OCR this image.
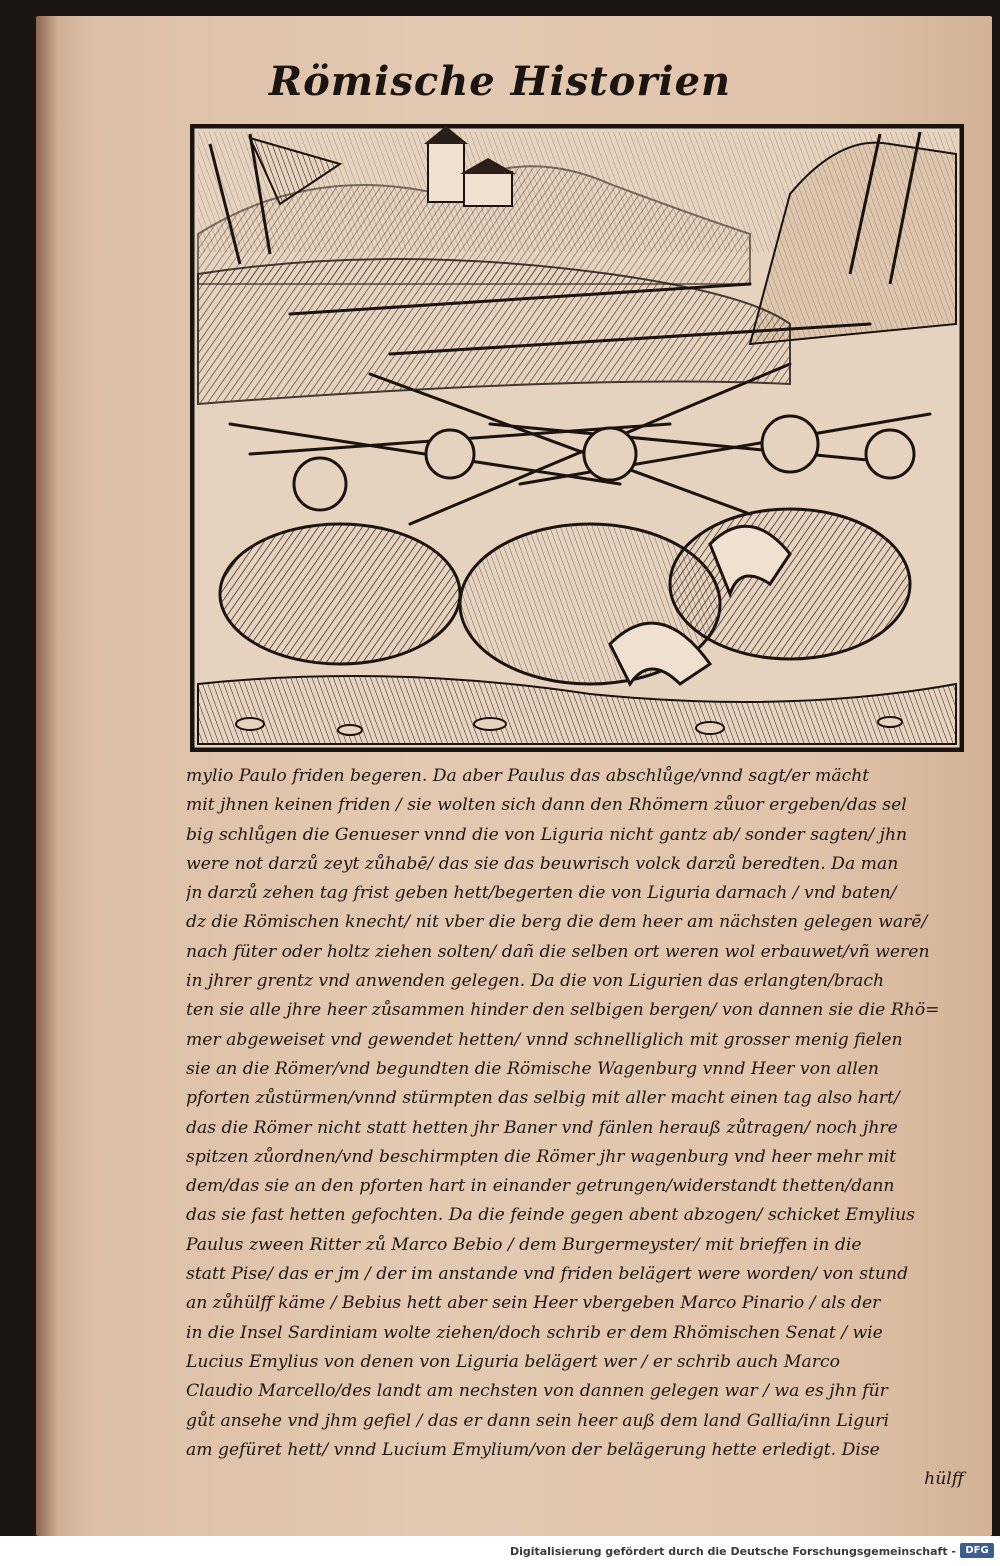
Römische Historien
mylio Paulo friden begeren. Da aber Paulus das abschlůge/vnnd sagt/er mächt
mit jhnen keinen friden / sie wolten sich dann den Rhömern zůuor ergeben/das sel
big schlůgen die Genueser vnnd die von Liguria nicht gantz ab/ sonder sagten/ jhn
were not darzů zeyt zůhabē/ das sie das beuwrisch volck darzů beredten. Da man
jn darzů zehen tag frist geben hett/begerten die von Liguria darnach / vnd baten/
dz die Römischen knecht/ nit vber die berg die dem heer am nächsten gelegen warē/
nach füter oder holtz ziehen solten/ dañ die selben ort weren wol erbauwet/vñ weren
in jhrer grentz vnd anwenden gelegen. Da die von Ligurien das erlangten/brach
ten sie alle jhre heer zůsammen hinder den selbigen bergen/ von dannen sie die Rhö=
mer abgeweiset vnd gewendet hetten/ vnnd schnelliglich mit grosser menig fielen
sie an die Römer/vnd begundten die Römische Wagenburg vnnd Heer von allen
pforten zůstürmen/vnnd stürmpten das selbig mit aller macht einen tag also hart/
das die Römer nicht statt hetten jhr Baner vnd fänlen herauß zůtragen/ noch jhre
spitzen zůordnen/vnd beschirmpten die Römer jhr wagenburg vnd heer mehr mit
dem/das sie an den pforten hart in einander getrungen/widerstandt thetten/dann
das sie fast hetten gefochten. Da die feinde gegen abent abzogen/ schicket Emylius
Paulus zween Ritter zů Marco Bebio / dem Burgermeyster/ mit brieffen in die
statt Pise/ das er jm / der im anstande vnd friden belägert were worden/ von stund
an zůhülff käme / Bebius hett aber sein Heer vbergeben Marco Pinario / als der
in die Insel Sardiniam wolte ziehen/doch schrib er dem Rhömischen Senat / wie
Lucius Emylius von denen von Liguria belägert wer / er schrib auch Marco
Claudio Marcello/des landt am nechsten von dannen gelegen war / wa es jhn für
gůt ansehe vnd jhm gefiel / das er dann sein heer auß dem land Gallia/inn Liguri
am gefüret hett/ vnnd Lucium Emylium/von der belägerung hette erledigt. Dise
hülff
Digitalisierung gefördert durch die Deutsche Forschungsgemeinschaft - DFG
